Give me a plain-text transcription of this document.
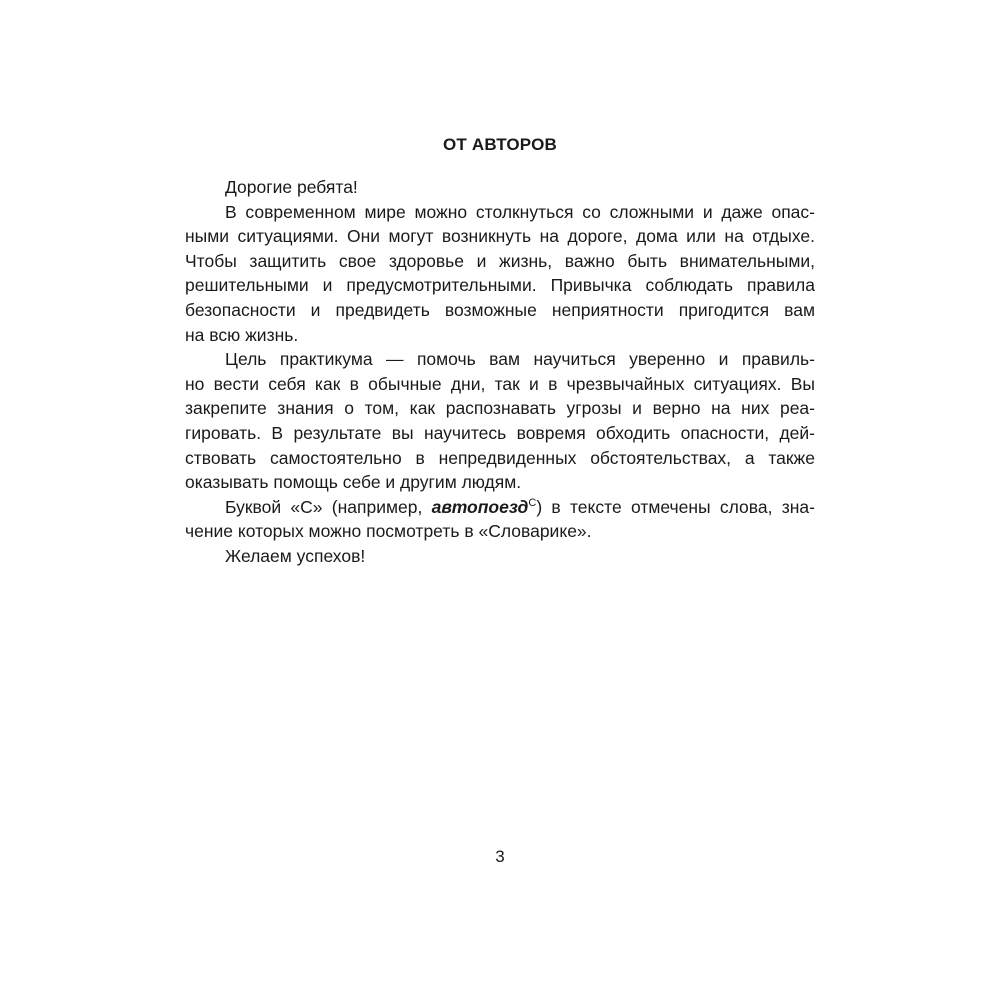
ОТ АВТОРОВ
Дорогие ребята!
В современном мире можно столкнуться со сложными и даже опас-
ными ситуациями. Они могут возникнуть на дороге, дома или на отдыхе.
Чтобы защитить свое здоровье и жизнь, важно быть внимательными,
решительными и предусмотрительными. Привычка соблюдать правила
безопасности и предвидеть возможные неприятности пригодится вам
на всю жизнь.
Цель практикума — помочь вам научиться уверенно и правиль-
но вести себя как в обычные дни, так и в чрезвычайных ситуациях. Вы
закрепите знания о том, как распознавать угрозы и верно на них реа-
гировать. В результате вы научитесь вовремя обходить опасности, дей-
ствовать самостоятельно в непредвиденных обстоятельствах, а также
оказывать помощь себе и другим людям.
Буквой «С» (например, автопоезд$^С$) в тексте отмечены слова, зна-
чение которых можно посмотреть в «Словарике».
Желаем успехов!
3
